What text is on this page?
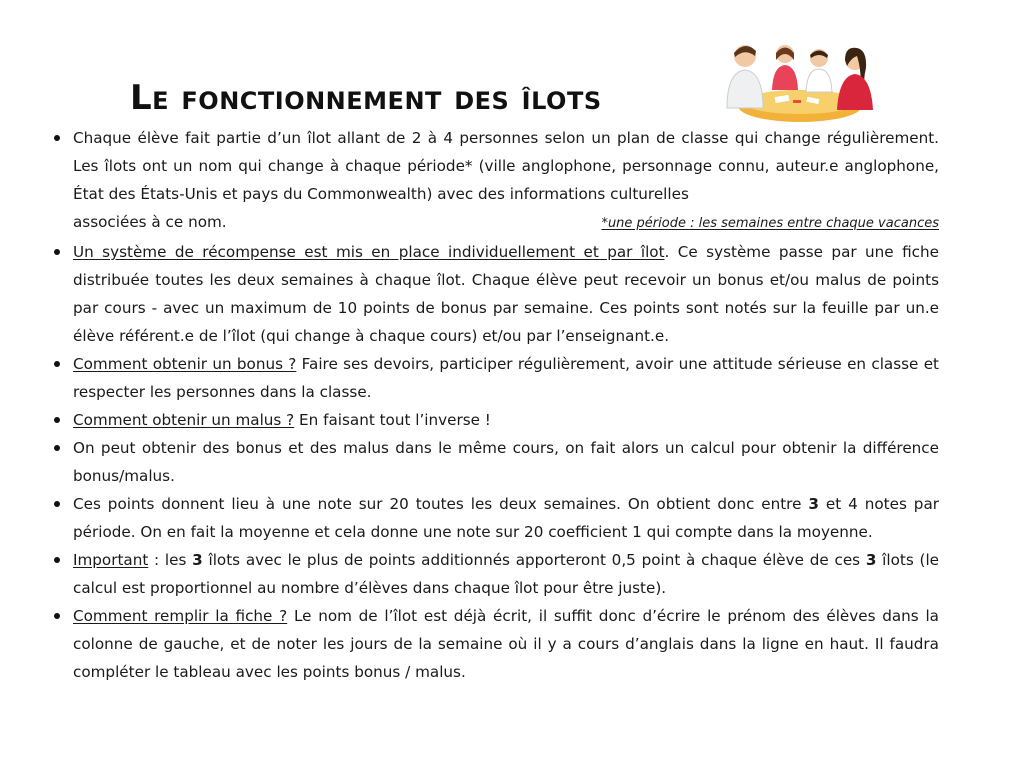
Le fonctionnement des îlots
Chaque élève fait partie d’un îlot allant de 2 à 4 personnes selon un plan de classe qui change régulièrement. Les îlots ont un nom qui change à chaque période* (ville anglophone, personnage connu, auteur.e anglophone, État des États-Unis et pays du Commonwealth) avec des informations culturelles
associées à ce nom.	*une période : les semaines entre chaque vacances
Un système de récompense est mis en place individuellement et par îlot. Ce système passe par une fiche distribuée toutes les deux semaines à chaque îlot. Chaque élève peut recevoir un bonus et/ou malus de points par cours - avec un maximum de 10 points de bonus par semaine. Ces points sont notés sur la feuille par un.e élève référent.e de l’îlot (qui change à chaque cours) et/ou par l’enseignant.e.
Comment obtenir un bonus ? Faire ses devoirs, participer régulièrement, avoir une attitude sérieuse en classe et respecter les personnes dans la classe.
Comment obtenir un malus ? En faisant tout l’inverse !
On peut obtenir des bonus et des malus dans le même cours, on fait alors un calcul pour obtenir la différence bonus/malus.
Ces points donnent lieu à une note sur 20 toutes les deux semaines. On obtient donc entre 3 et 4 notes par période. On en fait la moyenne et cela donne une note sur 20 coefficient 1 qui compte dans la moyenne.
Important : les 3 îlots avec le plus de points additionnés apporteront 0,5 point à chaque élève de ces 3 îlots (le calcul est proportionnel au nombre d’élèves dans chaque îlot pour être juste).
Comment remplir la fiche ? Le nom de l’îlot est déjà écrit, il suffit donc d’écrire le prénom des élèves dans la colonne de gauche, et de noter les jours de la semaine où il y a cours d’anglais dans la ligne en haut. Il faudra compléter le tableau avec les points bonus / malus.
